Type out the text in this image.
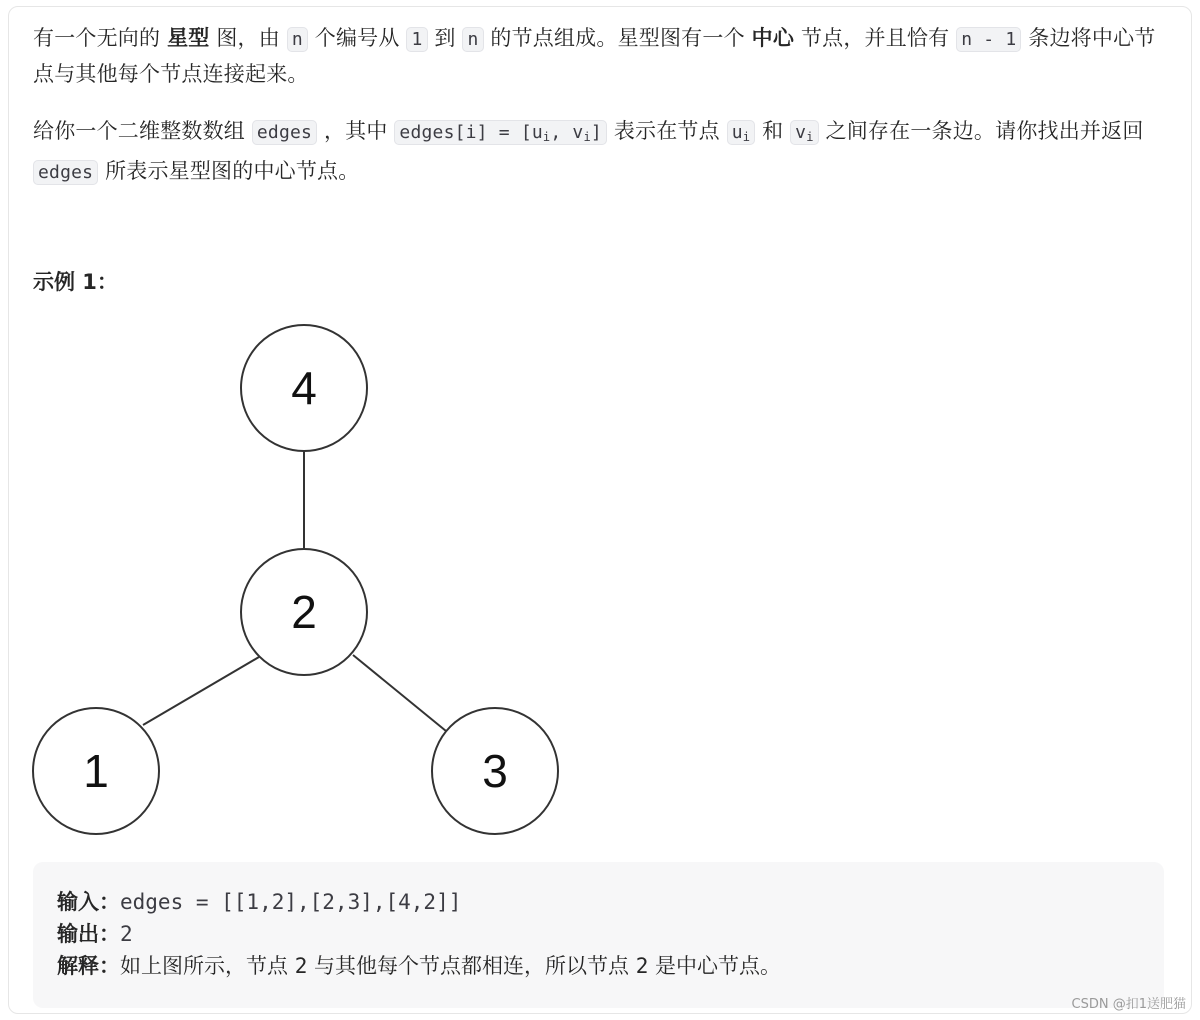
有一个无向的 星型 图，由 n 个编号从 1 到 n 的节点组成。星型图有一个 中心 节点，并且恰有 n - 1 条边将中心节点与其他每个节点连接起来。
给你一个二维整数数组 edges ，其中 edges[i] = [$u_i$, $v_i$] 表示在节点 $u_i$ 和 $v_i$ 之间存在一条边。请你找出并返回 edges 所表示星型图的中心节点。
示例 1：
4
2
1	3
输入：edges = [[1,2],[2,3],[4,2]]
输出：2
解释：如上图所示，节点 2 与其他每个节点都相连，所以节点 2 是中心节点。
CSDN @扣1送肥猫
